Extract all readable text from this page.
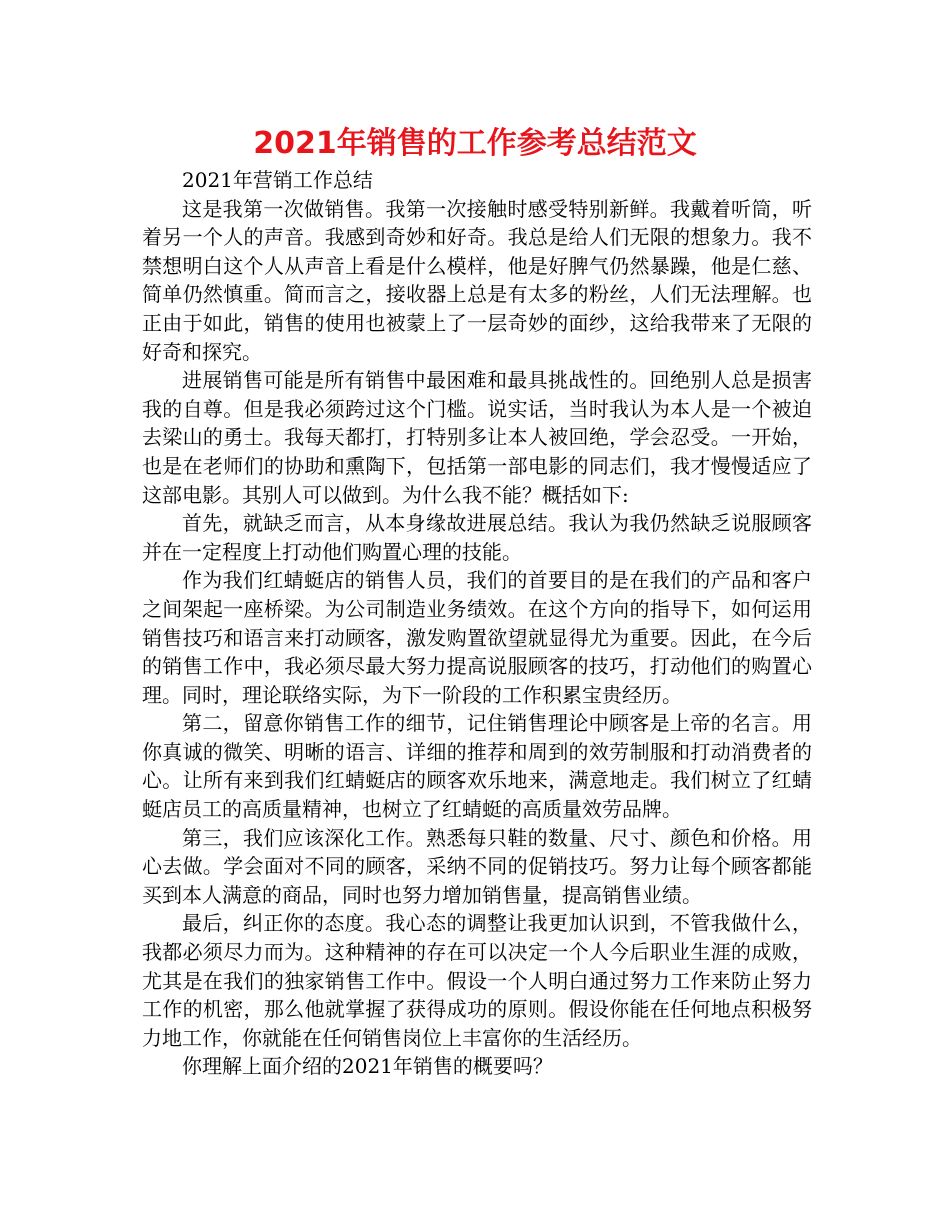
2021年销售的工作参考总结范文

2021年营销工作总结

这是我第一次做销售。我第一次接触时感受特别新鲜。我戴着听筒，听着另一个人的声音。我感到奇妙和好奇。我总是给人们无限的想象力。我不禁想明白这个人从声音上看是什么模样，他是好脾气仍然暴躁，他是仁慈、简单仍然慎重。简而言之，接收器上总是有太多的粉丝，人们无法理解。也正由于如此，销售的使用也被蒙上了一层奇妙的面纱，这给我带来了无限的好奇和探究。

进展销售可能是所有销售中最困难和最具挑战性的。回绝别人总是损害我的自尊。但是我必须跨过这个门槛。说实话，当时我认为本人是一个被迫去梁山的勇士。我每天都打，打特别多让本人被回绝，学会忍受。一开始，也是在老师们的协助和熏陶下，包括第一部电影的同志们，我才慢慢适应了这部电影。其别人可以做到。为什么我不能？概括如下:

首先，就缺乏而言，从本身缘故进展总结。我认为我仍然缺乏说服顾客并在一定程度上打动他们购置心理的技能。

作为我们红蜻蜓店的销售人员，我们的首要目的是在我们的产品和客户之间架起一座桥梁。为公司制造业务绩效。在这个方向的指导下，如何运用销售技巧和语言来打动顾客，激发购置欲望就显得尤为重要。因此，在今后的销售工作中，我必须尽最大努力提高说服顾客的技巧，打动他们的购置心理。同时，理论联络实际，为下一阶段的工作积累宝贵经历。

第二，留意你销售工作的细节，记住销售理论中顾客是上帝的名言。用你真诚的微笑、明晰的语言、详细的推荐和周到的效劳制服和打动消费者的心。让所有来到我们红蜻蜓店的顾客欢乐地来，满意地走。我们树立了红蜻蜓店员工的高质量精神，也树立了红蜻蜓的高质量效劳品牌。

第三，我们应该深化工作。熟悉每只鞋的数量、尺寸、颜色和价格。用心去做。学会面对不同的顾客，采纳不同的促销技巧。努力让每个顾客都能买到本人满意的商品，同时也努力增加销售量，提高销售业绩。

最后，纠正你的态度。我心态的调整让我更加认识到，不管我做什么，我都必须尽力而为。这种精神的存在可以决定一个人今后职业生涯的成败，尤其是在我们的独家销售工作中。假设一个人明白通过努力工作来防止努力工作的机密，那么他就掌握了获得成功的原则。假设你能在任何地点积极努力地工作，你就能在任何销售岗位上丰富你的生活经历。

你理解上面介绍的2021年销售的概要吗？
